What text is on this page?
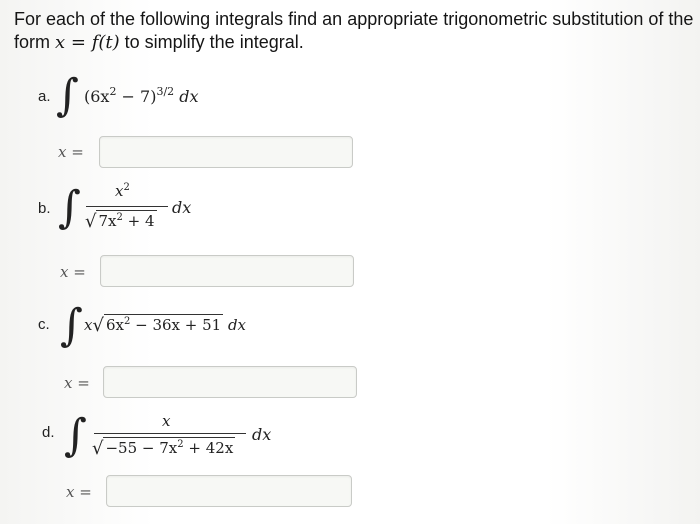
For each of the following integrals find an appropriate trigonometric substitution of the
form x = f(t) to simplify the integral.
a. ∫ $(6x^2 - 7)^{3/2}$ dx
x =
b. ∫ $x^2$
√ $7x^2 + 4$
dx
x =
c. ∫ x√ $6x^2 - 36x + 51$ dx
x =
d. ∫	x
√ $-55 - 7x^2 + 42x$
dx
x =
